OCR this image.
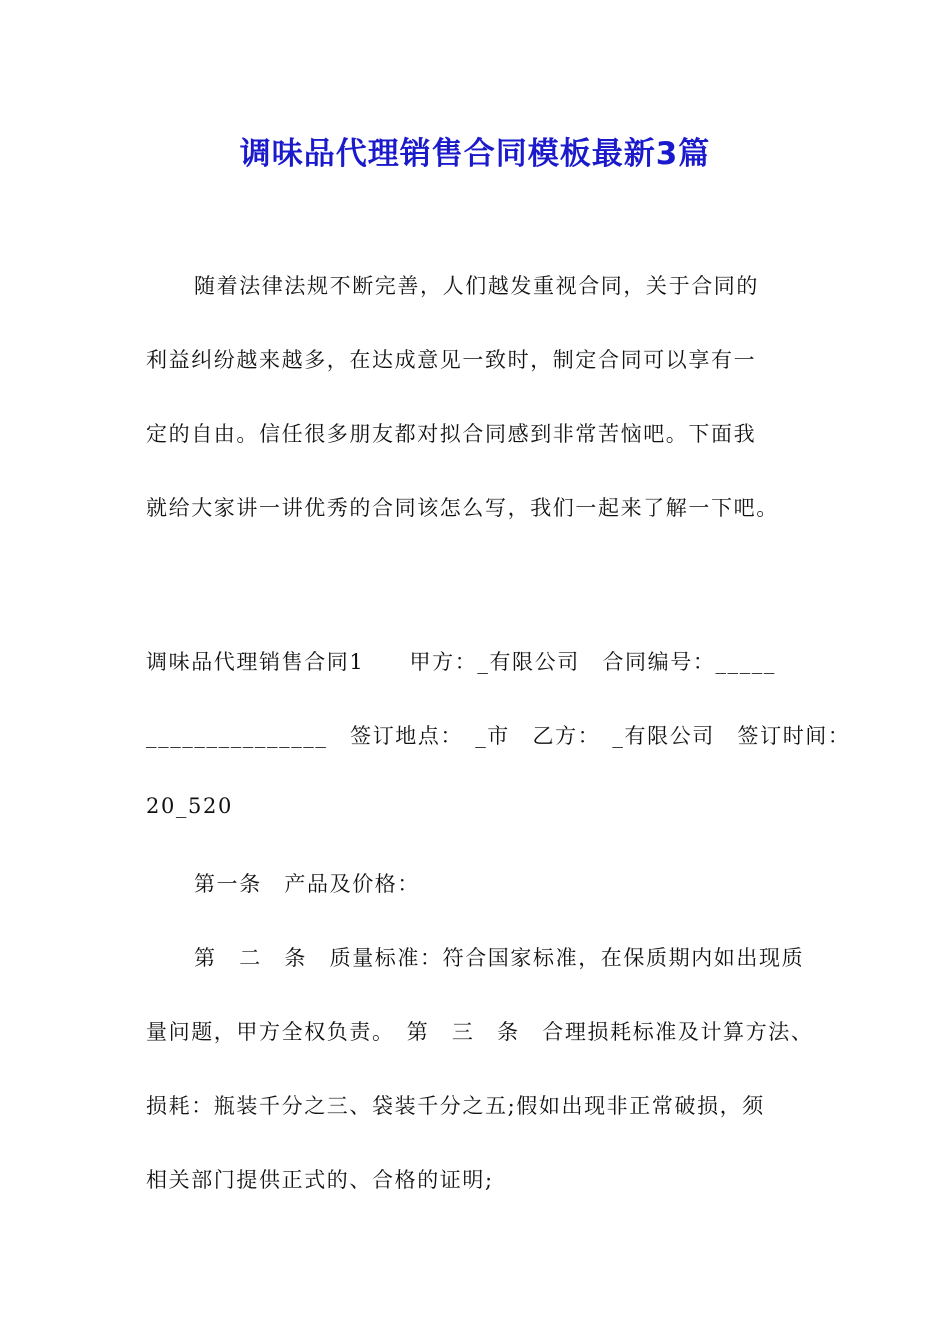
调味品代理销售合同模板最新3篇
随着法律法规不断完善，人们越发重视合同，关于合同的
利益纠纷越来越多，在达成意见一致时，制定合同可以享有一
定的自由。信任很多朋友都对拟合同感到非常苦恼吧。下面我
就给大家讲一讲优秀的合同该怎么写，我们一起来了解一下吧。
调味品代理销售合同1　　甲方：_有限公司　合同编号：_____
_______________　签订地点：　_市　乙方：　_有限公司　签订时间：
20_520
第一条　产品及价格：
第　二　条　质量标准：符合国家标准，在保质期内如出现质
量问题，甲方全权负责。　第　三　条　合理损耗标准及计算方法、
损耗：瓶装千分之三、袋装千分之五;假如出现非正常破损，须
相关部门提供正式的、合格的证明;
